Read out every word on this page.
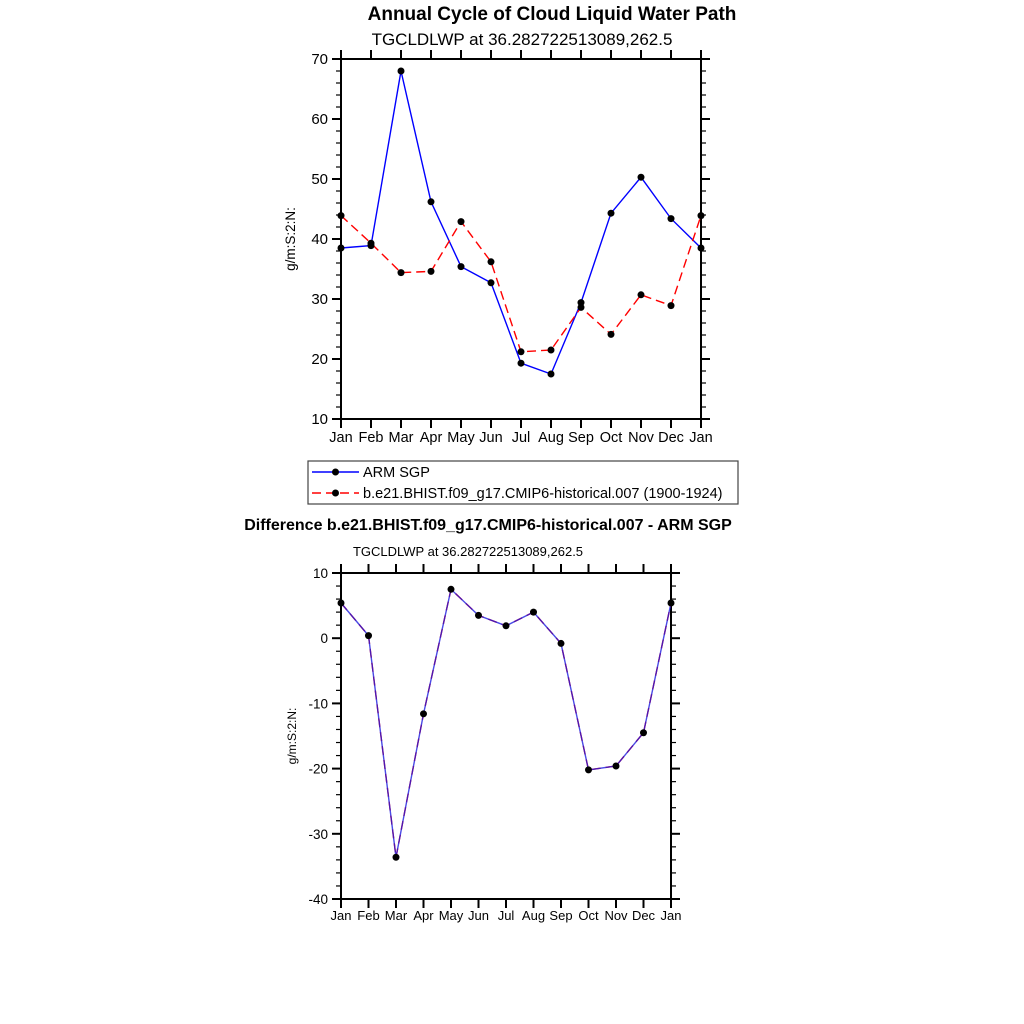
Annual Cycle of Cloud Liquid Water Path
TGCLDLWP at 36.282722513089,262.5
Difference b.e21.BHIST.f09_g17.CMIP6-historical.007 - ARM SGP
TGCLDLWP at 36.282722513089,262.5
Jan Feb Mar Apr May Jun Jul Aug Sep Oct Nov Dec Jan
10
20
30
40
50
60
70
g/m:S:2:N:
ARM SGP
b.e21.BHIST.f09_g17.CMIP6-historical.007 (1900-1924)
Jan Feb Mar Apr May Jun Jul Aug Sep Oct Nov Dec Jan
-40
-30
-20
-10
0
10
g/m:S:2:N:
